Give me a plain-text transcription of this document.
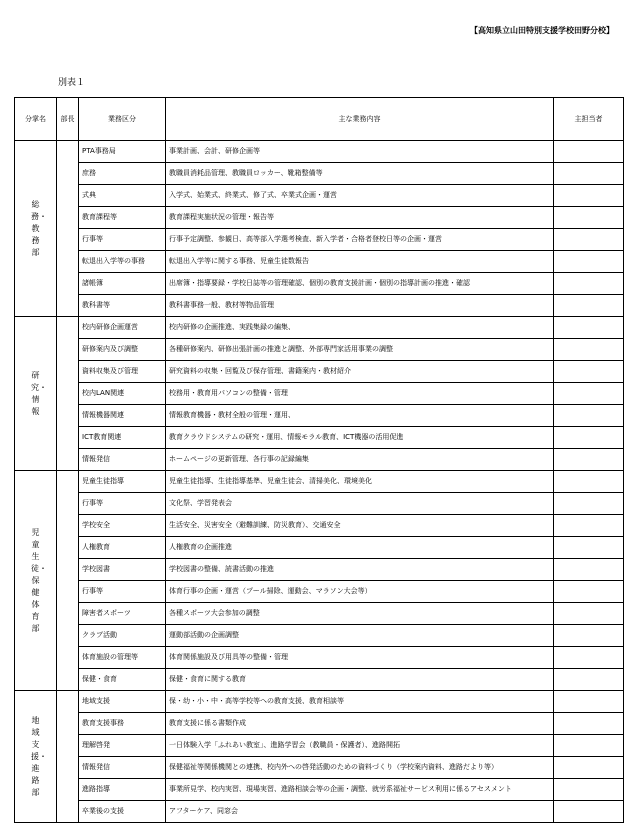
【高知県立山田特別支援学校田野分校】
別表１
分掌名	部長	業務区分	主な業務内容	主担当者
総務・教務部		PTA事務局	事業計画、会計、研修企画等	
		庶務	教職員消耗品管理、教職員ロッカー、靴箱整備等	
		式典	入学式、始業式、終業式、修了式、卒業式企画・運営	
		教育課程等	教育課程実施状況の管理・報告等	
		行事等	行事予定調整、参観日、高等部入学選考検査、新入学者・合格者登校日等の企画・運営	
		転退出入学等の事務	転退出入学等に関する事務、児童生徒数報告	
		諸帳簿	出席簿・指導要録・学校日誌等の管理確認、個別の教育支援計画・個別の指導計画の推進・確認	
		教科書等	教科書事務一般、教材等物品管理	
研究・情報		校内研修企画運営	校内研修の企画推進、実践集録の編集、	
		研修案内及び調整	各種研修案内、研修出張計画の推進と調整、外部専門家活用事業の調整	
		資料収集及び管理	研究資料の収集・回覧及び保存管理、書籍案内・教材紹介	
		校内LAN関連	校務用・教育用パソコンの整備・管理	
		情報機器関連	情報教育機器・教材全般の管理・運用、	
		ICT教育関連	教育クラウドシステムの研究・運用、情報モラル教育、ICT機器の活用促進	
		情報発信	ホームページの更新管理、各行事の記録編集	
児童生徒・保健体育部		児童生徒指導	児童生徒指導、生徒指導基準、児童生徒会、清掃美化、環境美化	
		行事等	文化祭、学習発表会	
		学校安全	生活安全、災害安全（避難訓練、防災教育）、交通安全	
		人権教育	人権教育の企画推進	
		学校図書	学校図書の整備、読書活動の推進	
		行事等	体育行事の企画・運営（プール掃除、運動会、マラソン大会等）	
		障害者スポーツ	各種スポーツ大会参加の調整	
		クラブ活動	運動部活動の企画調整	
		体育施設の管理等	体育関係施設及び用具等の整備・管理	
		保健・食育	保健・食育に関する教育	
地域支援・進路部		地域支援	保・幼・小・中・高等学校等への教育支援、教育相談等	
		教育支援事務	教育支援に係る書類作成	
		理解啓発	一日体験入学「ふれあい教室」、進路学習会（教職員・保護者）、進路開拓	
		情報発信	保健福祉等関係機関との連携、校内外への啓発活動のための資料づくり（学校案内資料、進路だより等）	
		進路指導	事業所見学、校内実習、現場実習、進路相談会等の企画・調整、就労系福祉サービス利用に係るアセスメント	
		卒業後の支援	アフターケア、同窓会	
